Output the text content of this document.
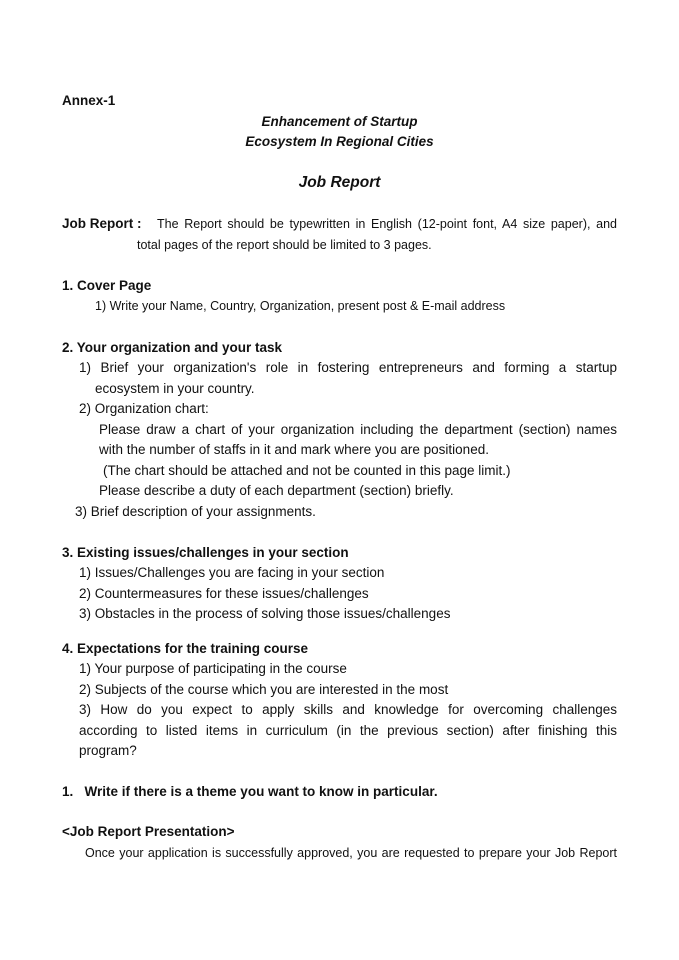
Annex-1
Enhancement of Startup
Ecosystem In Regional Cities
Job Report
Job Report : The Report should be typewritten in English (12-point font, A4 size paper), and
total pages of the report should be limited to 3 pages.
1. Cover Page
1) Write your Name, Country, Organization, present post & E-mail address
2. Your organization and your task
1) Brief your organization's role in fostering entrepreneurs and forming a startup
ecosystem in your country.
2) Organization chart:
Please draw a chart of your organization including the department (section) names
with the number of staffs in it and mark where you are positioned.
(The chart should be attached and not be counted in this page limit.)
Please describe a duty of each department (section) briefly.
3) Brief description of your assignments.
3. Existing issues/challenges in your section
1) Issues/Challenges you are facing in your section
2) Countermeasures for these issues/challenges
3) Obstacles in the process of solving those issues/challenges
4. Expectations for the training course
1) Your purpose of participating in the course
2) Subjects of the course which you are interested in the most
3) How do you expect to apply skills and knowledge for overcoming challenges
according to listed items in curriculum (in the previous section) after finishing this
program?
1.   Write if there is a theme you want to know in particular.
<Job Report Presentation>
Once your application is successfully approved, you are requested to prepare your Job Report
